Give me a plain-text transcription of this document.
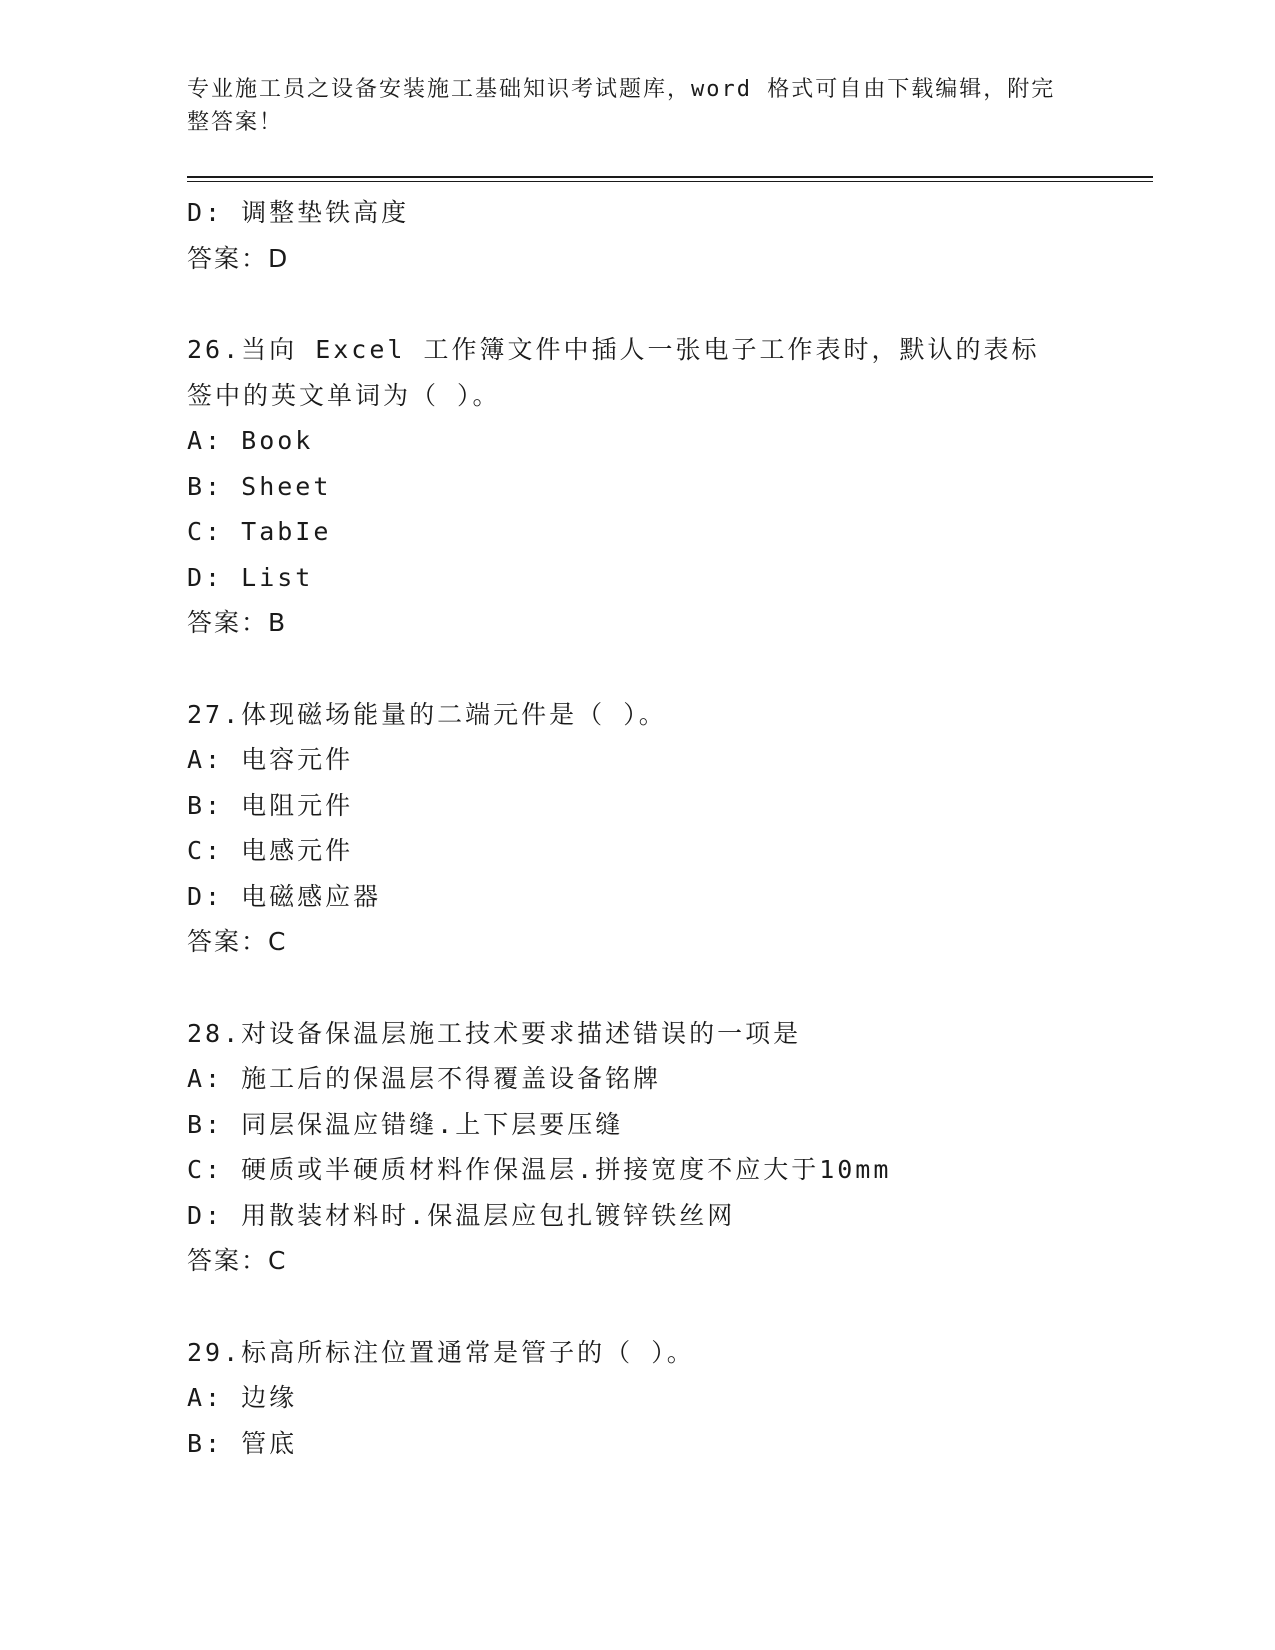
专业施工员之设备安装施工基础知识考试题库，word 格式可自由下载编辑，附完整答案！
D: 调整垫铁高度
答案：D
26.当向 Excel 工作簿文件中插人一张电子工作表时，默认的表标签中的英文单词为（ ）。
A: Book
B: Sheet
C: TabIe
D: List
答案：B
27.体现磁场能量的二端元件是（ ）。
A: 电容元件
B: 电阻元件
C: 电感元件
D: 电磁感应器
答案：C
28.对设备保温层施工技术要求描述错误的一项是
A: 施工后的保温层不得覆盖设备铭牌
B: 同层保温应错缝.上下层要压缝
C: 硬质或半硬质材料作保温层.拼接宽度不应大于10mm
D: 用散装材料时.保温层应包扎镀锌铁丝网
答案：C
29.标高所标注位置通常是管子的（ ）。
A: 边缘
B: 管底
